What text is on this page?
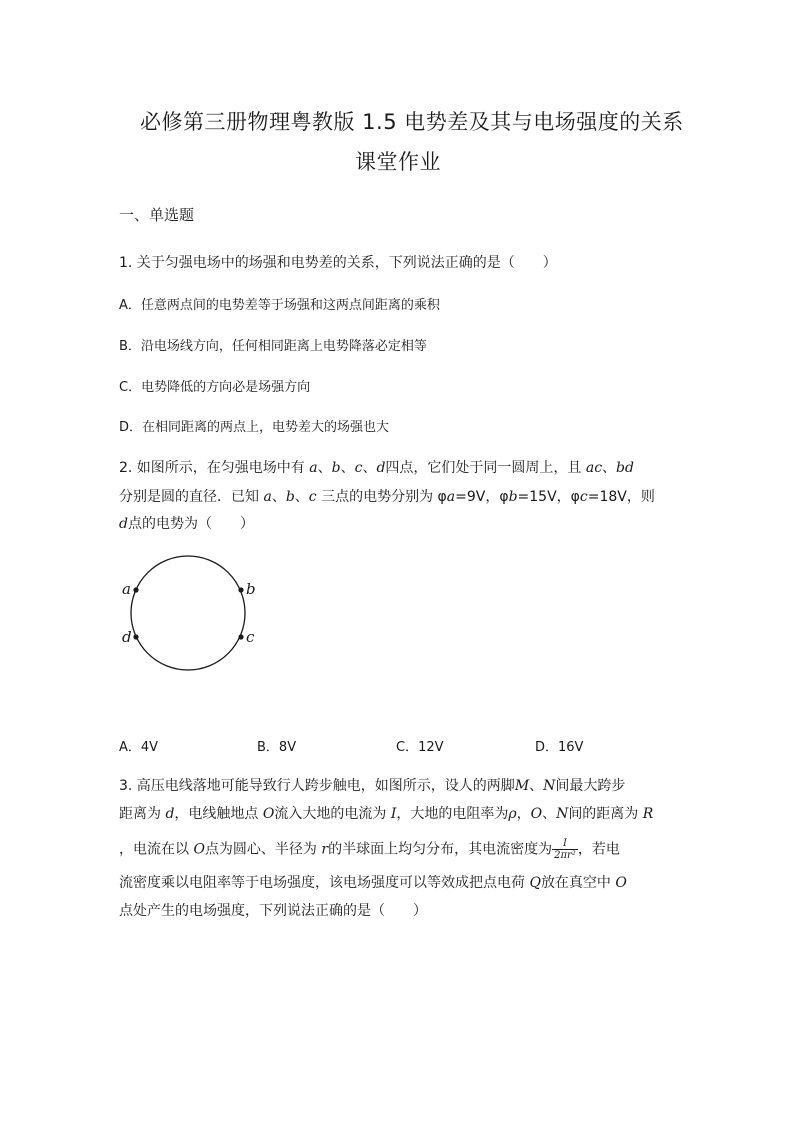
必修第三册物理粤教版 1.5 电势差及其与电场强度的关系
课堂作业
一、单选题
1. 关于匀强电场中的场强和电势差的关系，下列说法正确的是（　　）
A．任意两点间的电势差等于场强和这两点间距离的乘积
B．沿电场线方向，任何相同距离上电势降落必定相等
C．电势降低的方向必是场强方向
D．在相同距离的两点上，电势差大的场强也大
2. 如图所示，在匀强电场中有 a、b、c、d四点，它们处于同一圆周上，且 ac、bd
分别是圆的直径．已知 a、b、c 三点的电势分别为 φa=9V，φb=15V，φc=18V，则
d点的电势为（　　）
a	b
c
d
A．4V	B．8V	C．12V	D．16V
3. 高压电线落地可能导致行人跨步触电，如图所示，设人的两脚M、N间最大跨步
距离为 d，电线触地点 O流入大地的电流为 I，大地的电阻率为ρ，O、N间的距离为 R
，电流在以 O点为圆心、半径为 r的半球面上均匀分布，其电流密度为 $\frac{I}{\text{2πr²}}$ ，若电
流密度乘以电阻率等于电场强度，该电场强度可以等效成把点电荷 Q放在真空中 O
点处产生的电场强度，下列说法正确的是（　　）
